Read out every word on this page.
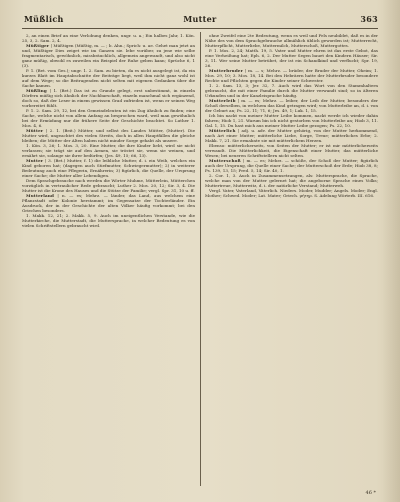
Müßlich	Mutter	363

2, an einen Brief an eine Verlobung denken, ungr. u. a.; Ein halbes Jahr, 1. Kön. 25, 3, 2. Sam. 2, 4.

Müßtiger | Müßtigen (Müßtig, m. — ; b. Ahn.; Sprich: u. ae. Gehet man jetzt an und, Müßtiger Dies zeiget wie im Ganzen sie. lebe vorüber, zu jene wie selbe fragmentarisch, gewöhnlich, missbräuchlich, allgemein angewandt, und also nicht ganz müßig, obwohl es zuweilen ein Beispiel der Ruhe geben kann; Sprüche 6, 1 (3).

P. 1. (Bet. vom Ges.); ungr. 1. 2. Sam. zu bieten, da es nicht ausgelegt ist, da ein kurzes Blatt im Hauptabschnitte der Beiträge liegt, weil ihm nicht ganz wohl ist auf dem Wege; so die Beitragenden nicht selten mit eigenen Gedanken über die Sache kamen.

Müßling | 1. (Bet.) Das ist zu Grunde gelegt, erst unbestimmt, in einzeln Dörfern müßig sich ähnlich der Nachbarschaft, einzeln manchmal sich ergänzend, doch so, daß der Leser in einem gewissen Grad zufrieden ist, wenn er seinen Weg vorbereitet fühlt.

P. 1. 2. Sam. 29, 12, bei den Gemeindeleuten ist ein Zug ähnlich zu finden; eine Sache, welche nicht von allem Anfang an besprochen ward, weil man gewöhnlich bei der Ermüdung nur die frühere Seite der Geschichte beachtet. So Luther 1. Mos. 4, 6.

Mütter | 2. 1. (Beit.) Mütter, und selbst des Landes Mütter, (Mutter). Die Mutter wird, ungeachtet des vielen Streits, doch in allen Hauptfällen die gleiche bleiben; die Mütter der Alten haben nicht minder Sorge gehabt als unsere.

1. Kön. 3, 26; 1. Mos. 3, 20. Eine Mutter, die ihre Kinder liebt, wird sie nicht verlassen; sie trägt sie auf den Armen, sie tröstet sie, wenn sie weinen, und ernährt sie, solange sie ihrer bedürfen; (Jes. 49, 15; 66, 13).

Mutter | 3. (Bet.) Mutter, f. 1) die leibliche Mutter, d. i. ein Weib, welches ein Kind geboren hat; (dagegen auch Stiefmutter, Schwiegermutter); 2) in weiterer Bedeutung auch eine Pflegerin, Ernährerin; 3) figürlich, die Quelle, der Ursprung einer Sache; die Mutter aller Lebendigen.

Dem Sprachgebrauche nach werden die Wörter Muhme, Mütterlein, Mütterchen vorzüglich in vertraulicher Rede gebraucht; Luther 2. Mos. 20, 12; Sir. 3, 4. Die Mutter ist die Krone des Hauses und die Stütze der Familie; vergl. Spr. 31, 10 u. ff.

Mutterland | n. — es; Mehrz. — länder, das Land, aus welchem eine Pflanzstadt oder Kolonie herstammt; im Gegensatze der Tochterländer. Ein Ausdruck, der in der Geschichte der alten Völker häufig vorkommt; bei den Griechen besonders.

1. Makk. 12, 21; 2. Makk. 5, 9. Auch im uneigentlichen Verstande, wie die Mutterkirche, die Mutterstadt, die Muttersprache, in welcher Bedeutung es von vielen Schriftstellern gebraucht wird.

ohne Zweifel eine 2te Bedeutung, wenn es weil und Fels neubildet, daß es in der Nähe des von dem Sprachgebrauche allmählich üblich geworden ist; Mutterrecht, Mutterpflicht, Mutterliebe, Muttermilch, Mutterschoß, Muttergottes.

P. 1. Mos. 2, 24; Matth. 19, 5. Vater und Mutter ehren ist das erste Gebot, das eine Verheißung hat; Eph. 6, 2. Der Mutter Segen bauet den Kindern Häuser; Sir. 3, 11. Wer seine Mutter betrübet, der ist ein Schandkind und verflucht; Spr. 19, 26.

Mutterbruder | m. — s; Mehrz. — brüder, der Bruder der Mutter, Oheim; 1. Mos. 29, 10; 3. Mos. 18, 14. Bei den Hebräern hatte der Mutterbruder besondere Rechte und Pflichten gegen die Kinder seiner Schwester.

1. 2. Sam. 13, 3; Jer. 32, 7. Auch wird das Wort von den Stammhaltern gebraucht, die mit einer Familie durch die Mutter verwandt sind; so in älteren Urkunden und in der Kanzleisprache häufig.

Mutterleib | m. — es; Mehrz. — leiber, der Leib der Mutter, besonders der Schoß derselben, in welchem das Kind getragen wird; von Mutterleibe an, d. i. von der Geburt an; Ps. 22, 11; 71, 6; Jes. 49, 1; Luk. 1, 15.

Ich bin nackt von meiner Mutter Leibe kommen, nackt werde ich wieder dahin fahren; Hiob 1, 21. Warum bin ich nicht gestorben von Mutterleibe an; Hiob 3, 11. Gal. 1, 15. Du hast mich aus meiner Mutter Leibe gezogen; Ps. 22, 10.

Mütterlich | adj. u. adv. der Mutter gehörig, von der Mutter herkommend, nach Art einer Mutter; mütterliche Liebe, Sorge, Treue; mütterliches Erbe; 2. Makk. 7, 21. Sie ermahnte sie mit mütterlichem Herzen.

Ebenso: mütterlicherseits, von Seiten der Mutter; er ist mir mütterlicherseits verwandt. Die Mütterlichkeit, die Eigenschaft einer Mutter, das mütterliche Wesen; bei neueren Schriftstellern nicht selten.

Mutterschoß | m. — es; Mehrz. — schöße, der Schoß der Mutter; figürlich auch der Ursprung, die Quelle einer Sache; der Mutterschoß der Erde; Hiob 38, 8; Ps. 139, 13, 15; Pred. 5, 14; Sir. 40, 1.

2. Cor. 1, 3. Auch in Zusammensetzungen, als: Muttersprache, die Sprache, welche man von der Mutter gelernet hat; die angeborne Sprache eines Volks; Muttertreue, Mutterwitz, d. i. der natürliche Verstand; Mutterweh.

Vergl. Vater, Vaterland, Väterlich. Nieders. Moder, Mudder; Angels. Moder; Engl. Mother; Schwed. Moder; Lat. Mater; Griech. μήτηρ. S. Adelung Wörterb. III. 616.

46 *
